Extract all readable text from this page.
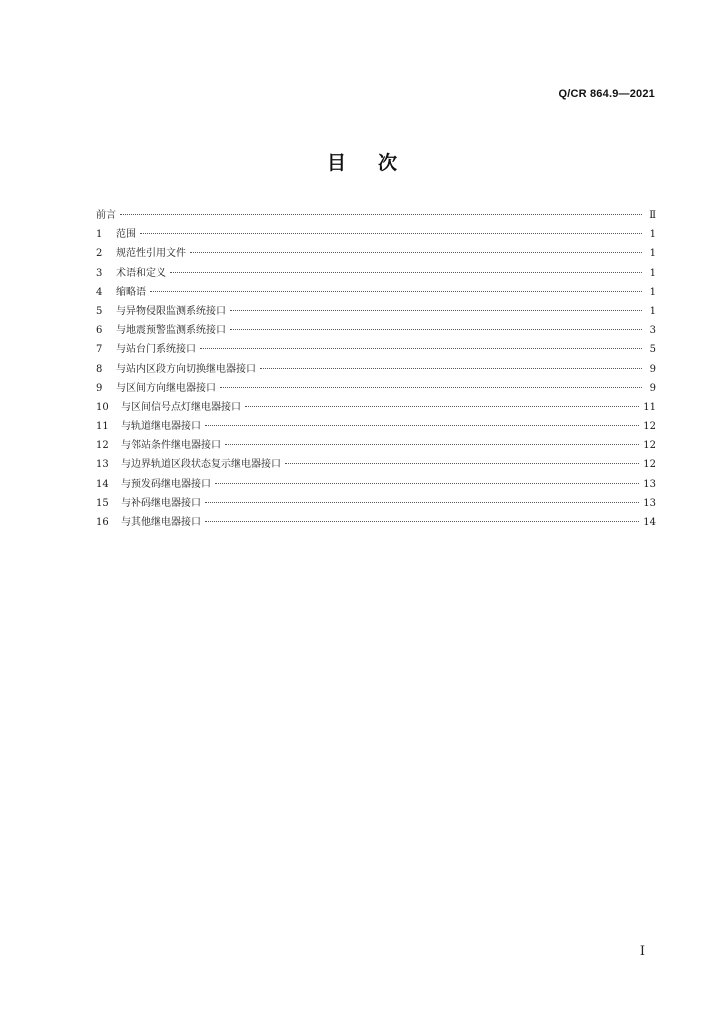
Q/CR 864.9—2021
目次
前言	Ⅱ
1	范围	1
2	规范性引用文件	1
3	术语和定义	1
4	缩略语	1
5	与异物侵限监测系统接口	1
6	与地震预警监测系统接口	3
7	与站台门系统接口	5
8	与站内区段方向切换继电器接口	9
9	与区间方向继电器接口	9
10	与区间信号点灯继电器接口	11
11	与轨道继电器接口	12
12	与邻站条件继电器接口	12
13	与边界轨道区段状态复示继电器接口	12
14	与预发码继电器接口	13
15	与补码继电器接口	13
16	与其他继电器接口	14
I
